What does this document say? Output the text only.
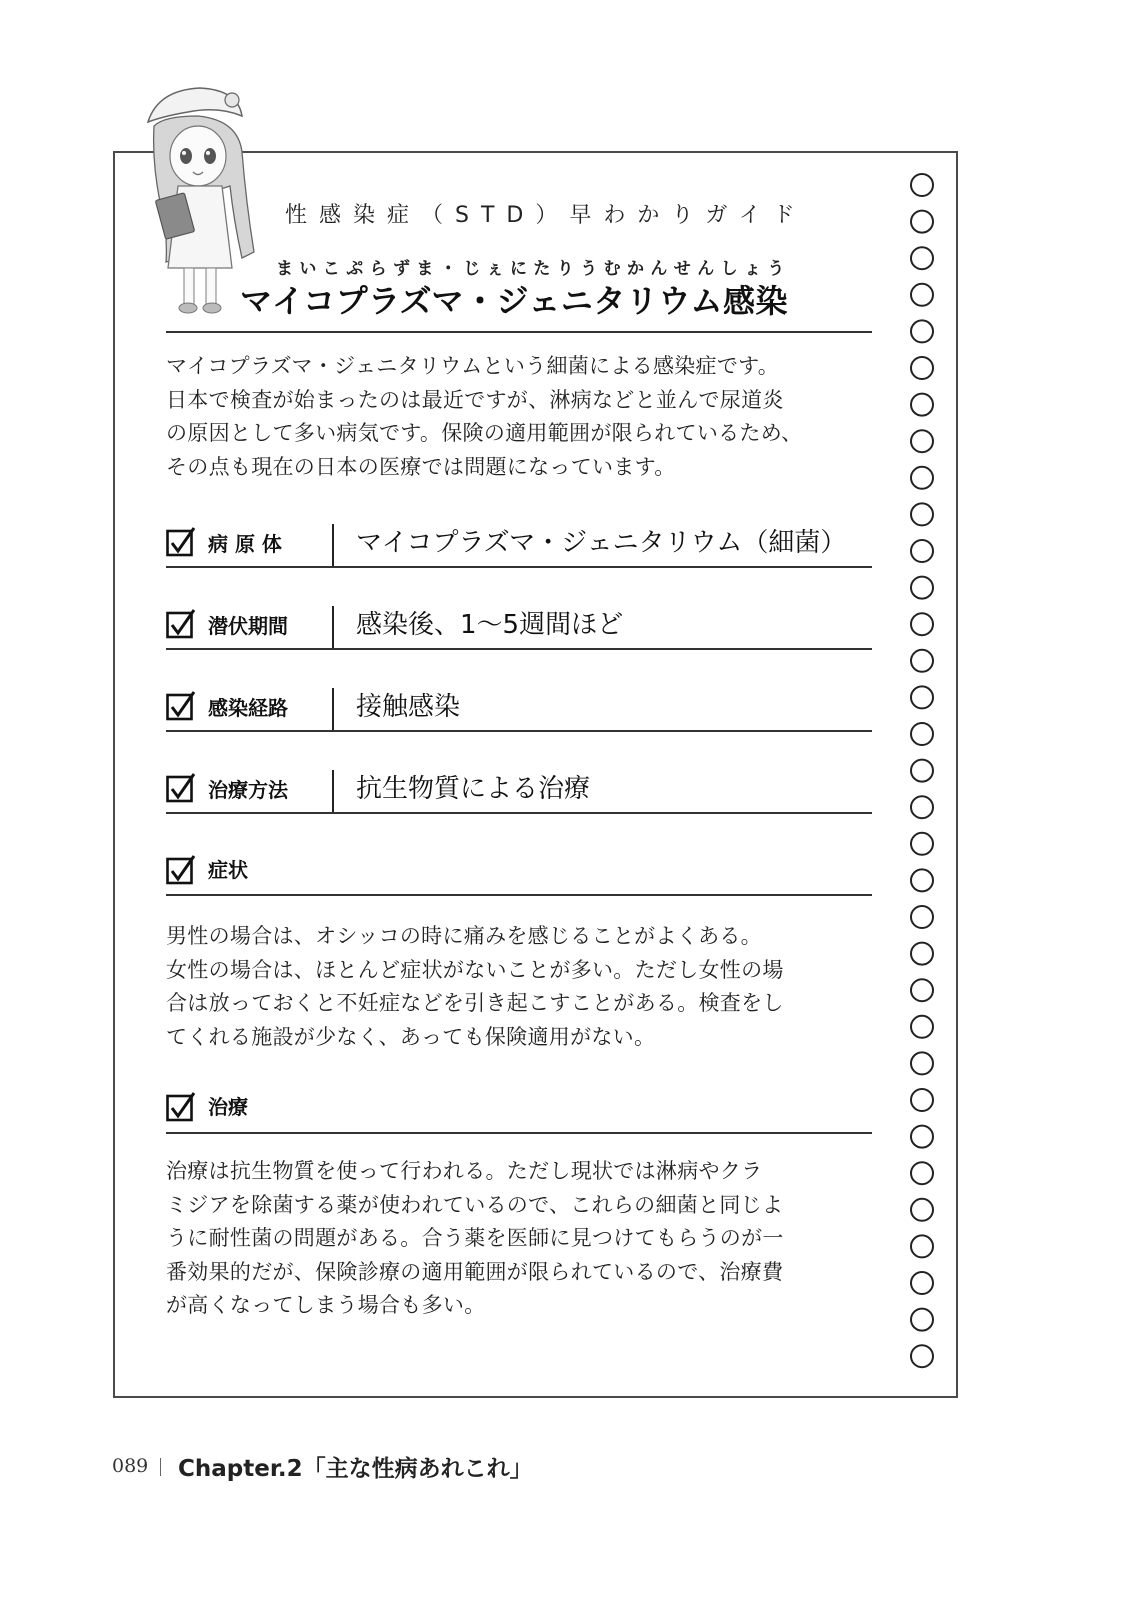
性感染症（STD）早わかりガイド
まいこぷらずま・じぇにたりうむかんせんしょう
マイコプラズマ・ジェニタリウム感染

マイコプラズマ・ジェニタリウムという細菌による感染症です。
日本で検査が始まったのは最近ですが、淋病などと並んで尿道炎
の原因として多い病気です。保険の適用範囲が限られているため、
その点も現在の日本の医療では問題になっています。

病 原 体	マイコプラズマ・ジェニタリウム（細菌）
潜伏期間	感染後、1～5週間ほど
感染経路	接触感染
治療方法	抗生物質による治療
症状

男性の場合は、オシッコの時に痛みを感じることがよくある。
女性の場合は、ほとんど症状がないことが多い。ただし女性の場
合は放っておくと不妊症などを引き起こすことがある。検査をし
てくれる施設が少なく、あっても保険適用がない。

治療

治療は抗生物質を使って行われる。ただし現状では淋病やクラ
ミジアを除菌する薬が使われているので、これらの細菌と同じよ
うに耐性菌の問題がある。合う薬を医師に見つけてもらうのが一
番効果的だが、保険診療の適用範囲が限られているので、治療費
が高くなってしまう場合も多い。

089 Chapter.2「主な性病あれこれ」
